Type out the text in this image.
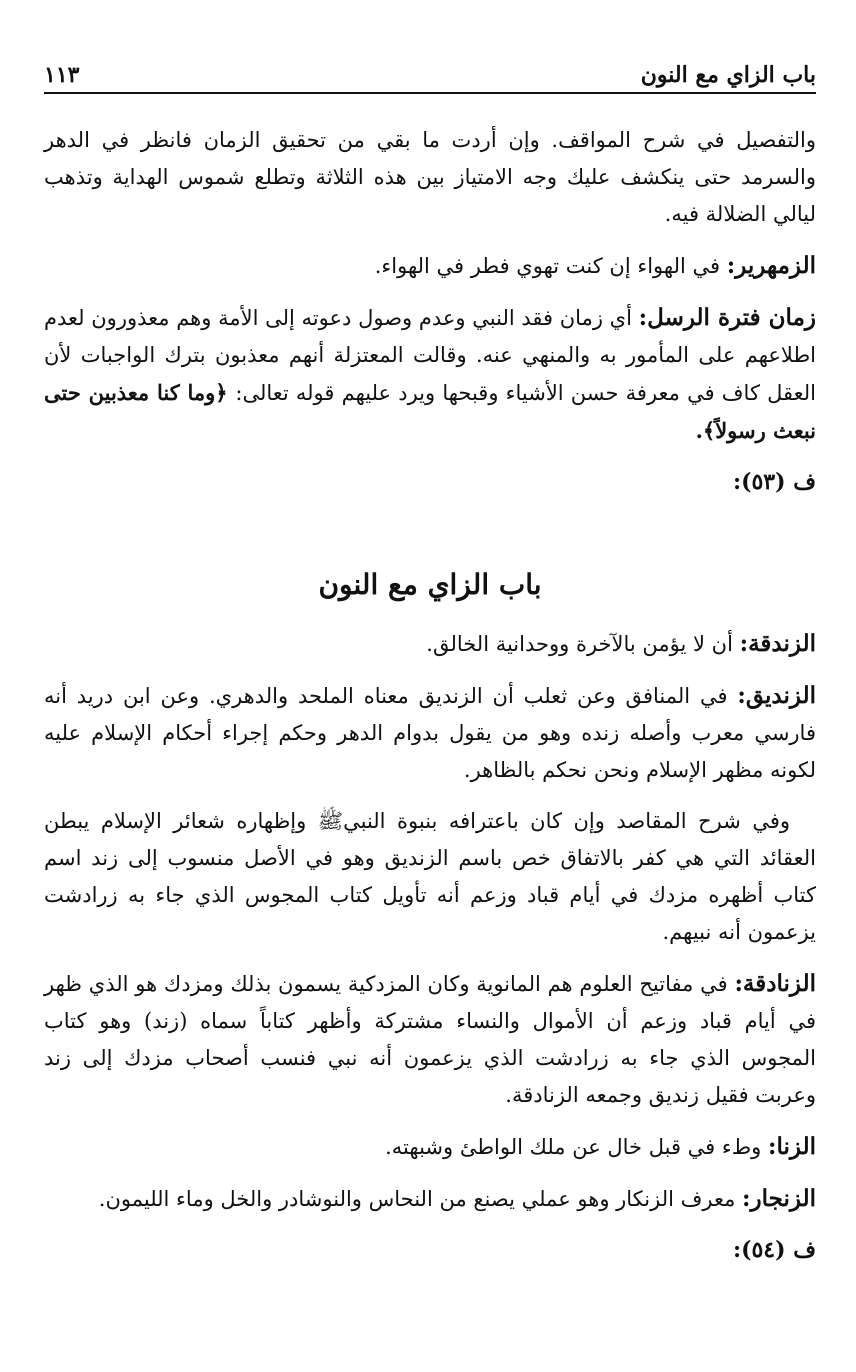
باب الزاي مع النون
١١٣

والتفصيل في شرح المواقف. وإن أردت ما بقي من تحقيق الزمان فانظر في الدهر والسرمد حتى ينكشف عليك وجه الامتياز بين هذه الثلاثة وتطلع شموس الهداية وتذهب ليالي الضلالة فيه.

الزمهرير: في الهواء إن كنت تهوي فطر في الهواء.

زمان فترة الرسل: أي زمان فقد النبي وعدم وصول دعوته إلى الأمة وهم معذورون لعدم اطلاعهم على المأمور به والمنهي عنه. وقالت المعتزلة أنهم معذبون بترك الواجبات لأن العقل كاف في معرفة حسن الأشياء وقبحها ويرد عليهم قوله تعالى: ﴿وما كنا معذبين حتى نبعث رسولاً﴾.

ف (٥٣):

باب الزاي مع النون

الزندقة: أن لا يؤمن بالآخرة ووحدانية الخالق.

الزنديق: في المنافق وعن ثعلب أن الزنديق معناه الملحد والدهري. وعن ابن دريد أنه فارسي معرب وأصله زنده وهو من يقول بدوام الدهر وحكم إجراء أحكام الإسلام عليه لكونه مظهر الإسلام ونحن نحكم بالظاهر.

وفي شرح المقاصد وإن كان باعترافه بنبوة النبيﷺ وإظهاره شعائر الإسلام يبطن العقائد التي هي كفر بالاتفاق خص باسم الزنديق وهو في الأصل منسوب إلى زند اسم كتاب أظهره مزدك في أيام قباد وزعم أنه تأويل كتاب المجوس الذي جاء به زرادشت يزعمون أنه نبيهم.

الزنادقة: في مفاتيح العلوم هم المانوية وكان المزدكية يسمون بذلك ومزدك هو الذي ظهر في أيام قباد وزعم أن الأموال والنساء مشتركة وأظهر كتاباً سماه (زند) وهو كتاب المجوس الذي جاء به زرادشت الذي يزعمون أنه نبي فنسب أصحاب مزدك إلى زند وعربت فقيل زنديق وجمعه الزنادقة.

الزنا: وطء في قبل خال عن ملك الواطئ وشبهته.

الزنجار: معرف الزنكار وهو عملي يصنع من النحاس والنوشادر والخل وماء الليمون.

ف (٥٤):
